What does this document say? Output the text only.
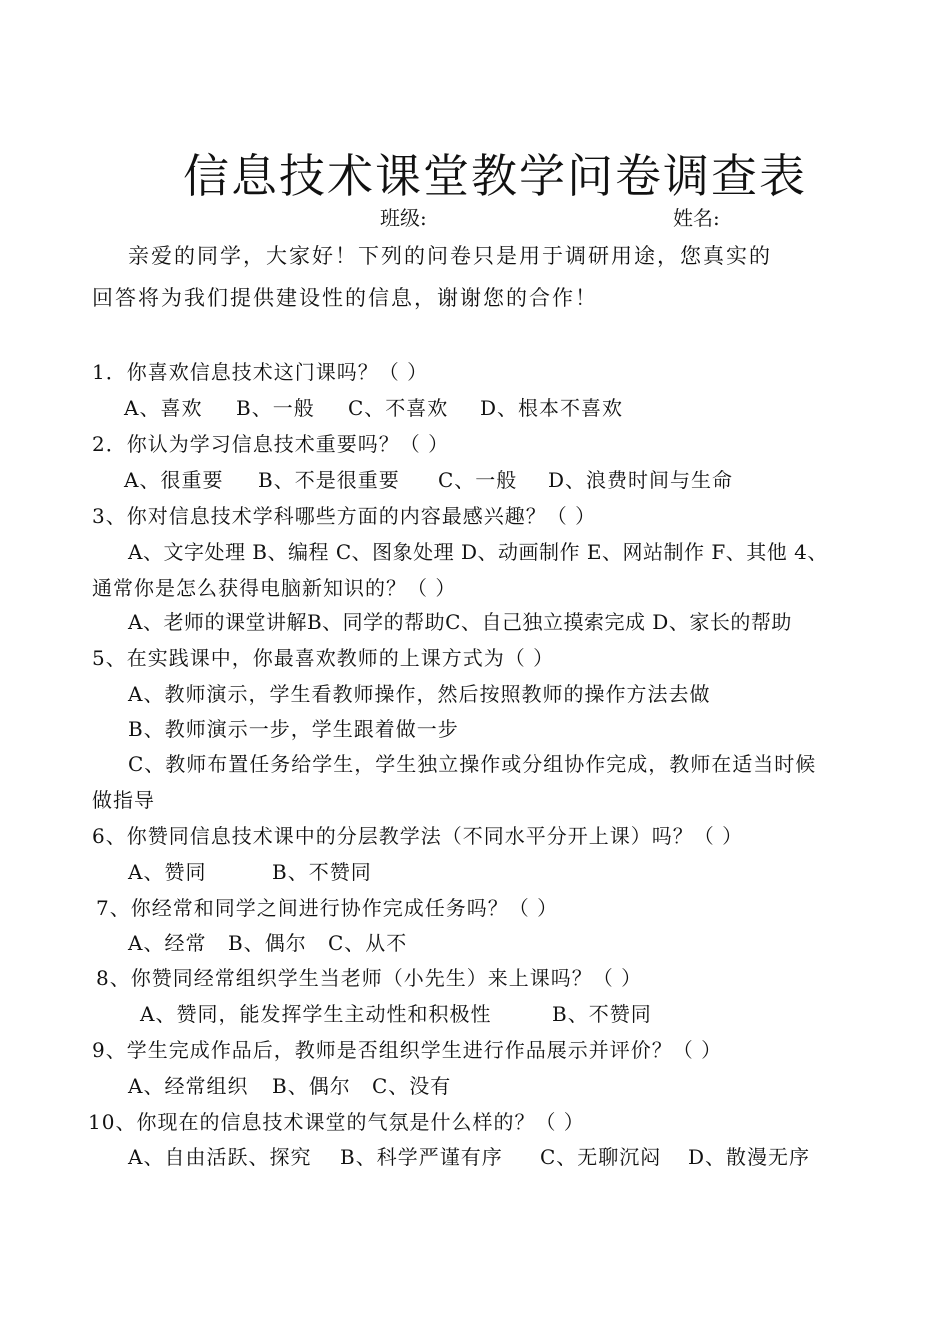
信息技术课堂教学问卷调查表
班级:	姓名:
亲爱的同学，大家好！下列的问卷只是用于调研用途，您真实的
回答将为我们提供建设性的信息，谢谢您的合作！
1．你喜欢信息技术这门课吗？（ ）
A、喜欢 B、一般 C、不喜欢 D、根本不喜欢
2．你认为学习信息技术重要吗？（ ）
A、很重要 B、不是很重要 C、一般 D、浪费时间与生命
3、你对信息技术学科哪些方面的内容最感兴趣？（ ）
A、文字处理 B、编程 C、图象处理 D、动画制作 E、网站制作 F、其他 4、
通常你是怎么获得电脑新知识的？（ ）
A、老师的课堂讲解B、同学的帮助C、自己独立摸索完成 D、家长的帮助
5、在实践课中，你最喜欢教师的上课方式为（ ）
A、教师演示，学生看教师操作，然后按照教师的操作方法去做
B、教师演示一步，学生跟着做一步
C、教师布置任务给学生，学生独立操作或分组协作完成，教师在适当时候
做指导
6、你赞同信息技术课中的分层教学法（不同水平分开上课）吗？（ ）
A、赞同	B、不赞同
7、你经常和同学之间进行协作完成任务吗？（ ）
A、经常 B、偶尔 C、从不
8、你赞同经常组织学生当老师（小先生）来上课吗？（ ）
A、赞同，能发挥学生主动性和积极性	B、不赞同
9、学生完成作品后，教师是否组织学生进行作品展示并评价？（ ）
A、经常组织 B、偶尔 C、没有
10、你现在的信息技术课堂的气氛是什么样的？（ ）
A、自由活跃、探究 B、科学严谨有序 C、无聊沉闷 D、散漫无序
